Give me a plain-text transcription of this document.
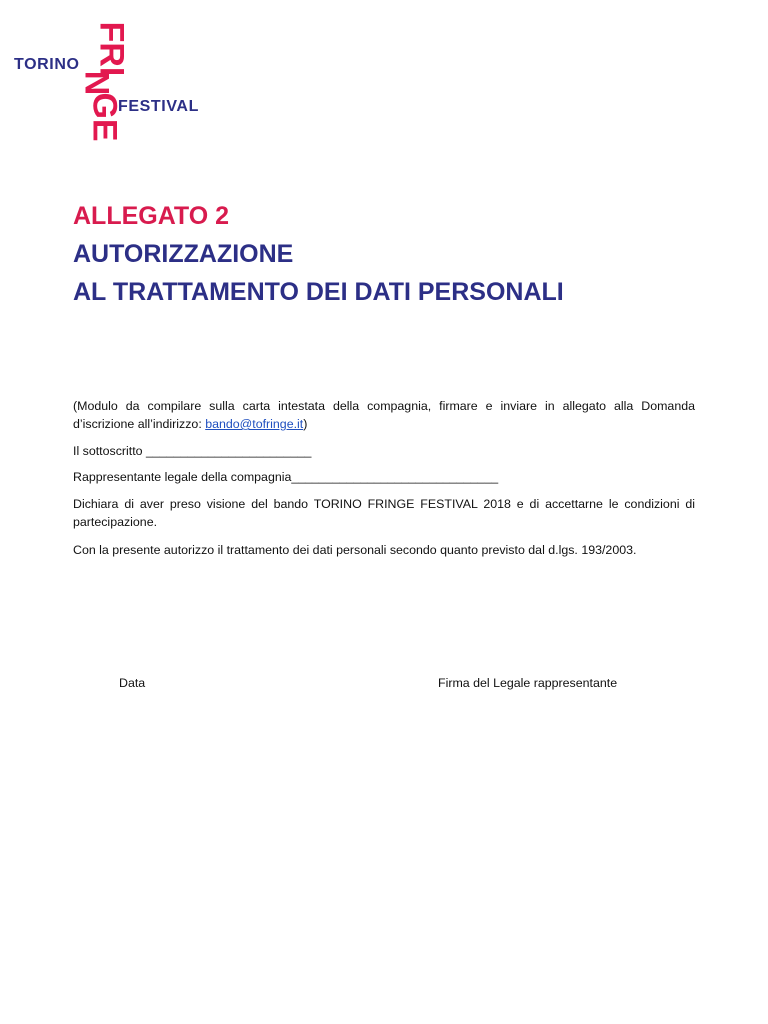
TORINO FRI
N
GE
FESTIVAL
ALLEGATO 2
AUTORIZZAZIONE
AL TRATTAMENTO DEI DATI PERSONALI
(Modulo da compilare sulla carta intestata della compagnia, firmare e inviare in allegato alla Domanda d’iscrizione all’indirizzo: bando@tofringe.it)
Il sottoscritto ________________________
Rappresentante legale della compagnia______________________________
Dichiara di aver preso visione del bando TORINO FRINGE FESTIVAL 2018 e di accettarne le condizioni di partecipazione.
Con la presente autorizzo il trattamento dei dati personali secondo quanto previsto dal d.lgs. 193/2003.
Data	Firma del Legale rappresentante
